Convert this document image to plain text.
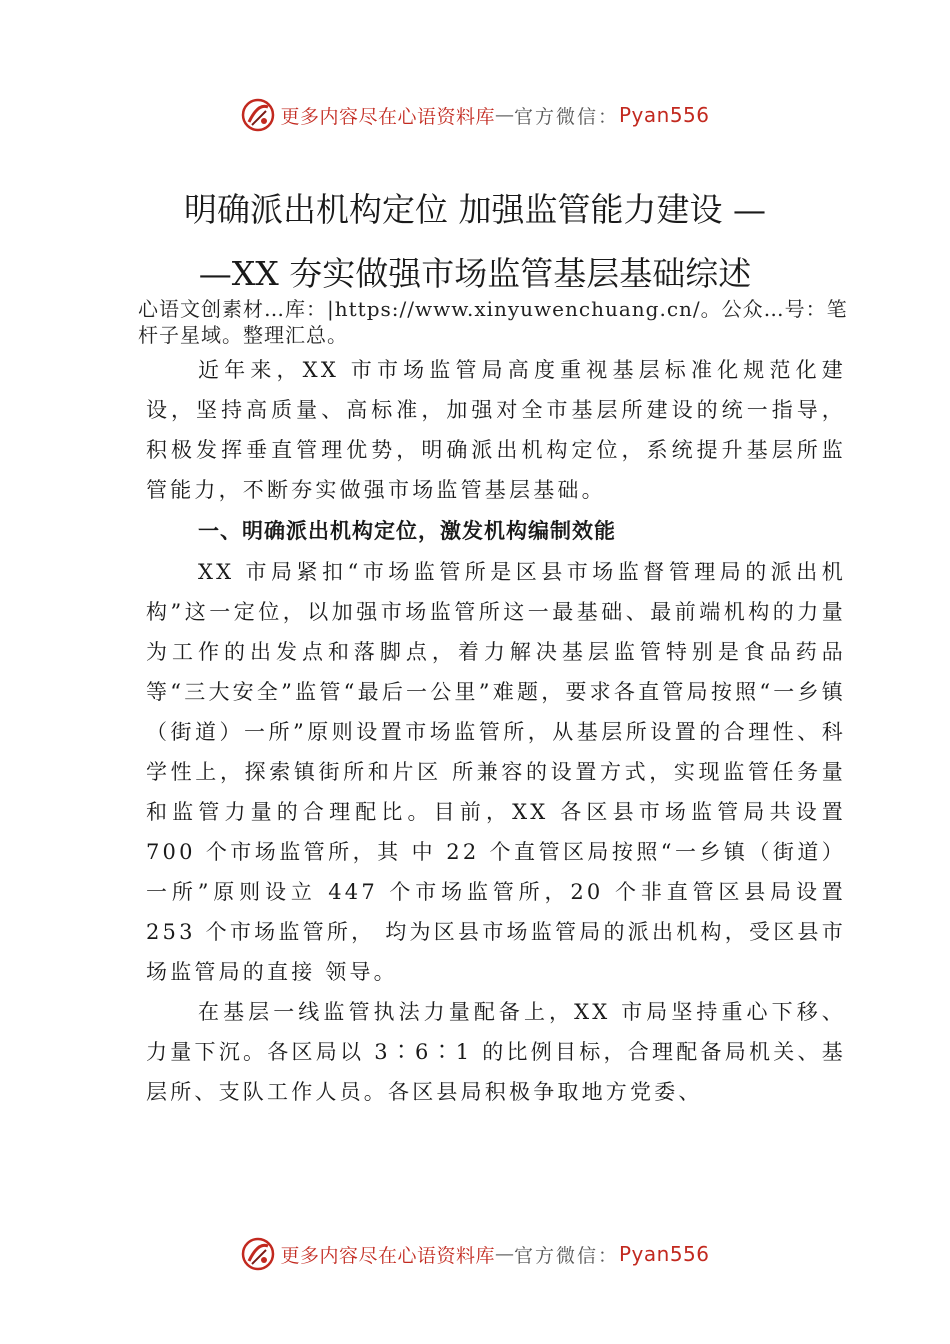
更多内容尽在心语资料库 — 官方微信： Pyan556
明确派出机构定位 加强监管能力建设 —
—XX 夯实做强市场监管基层基础综述

心语文创素材…库：|https://www.xinyuwenchuang.cn/。公众…号：笔杆子星域。整理汇总。

近年来，XX 市市场监管局高度重视基层标准化规范化建设，坚持高质量、高标准，加强对全市基层所建设的统一指导，积极发挥垂直管理优势，明确派出机构定位，系统提升基层所监管能力，不断夯实做强市场监管基层基础。

一、明确派出机构定位，激发机构编制效能

XX 市局紧扣“市场监管所是区县市场监督管理局的派出机构”这一定位，以加强市场监管所这一最基础、最前端机构的力量为工作的出发点和落脚点，着力解决基层监管特别是食品药品等“三大安全”监管“最后一公里”难题，要求各直管局按照“一乡镇（街道）一所”原则设置市场监管所，从基层所设置的合理性、科学性上，探索镇街所和片区 所兼容的设置方式，实现监管任务量和监管力量的合理配比。目前，XX 各区县市场监管局共设置 700 个市场监管所，其 中 22 个直管区局按照“一乡镇（街道）一所”原则设立 447 个市场监管所，20 个非直管区县局设置 253 个市场监管所， 均为区县市场监管局的派出机构，受区县市场监管局的直接 领导。

在基层一线监管执法力量配备上，XX 市局坚持重心下移、力量下沉。各区局以 3∶6∶1 的比例目标，合理配备局机关、基层所、支队工作人员。各区县局积极争取地方党委、

更多内容尽在心语资料库 — 官方微信： Pyan556
